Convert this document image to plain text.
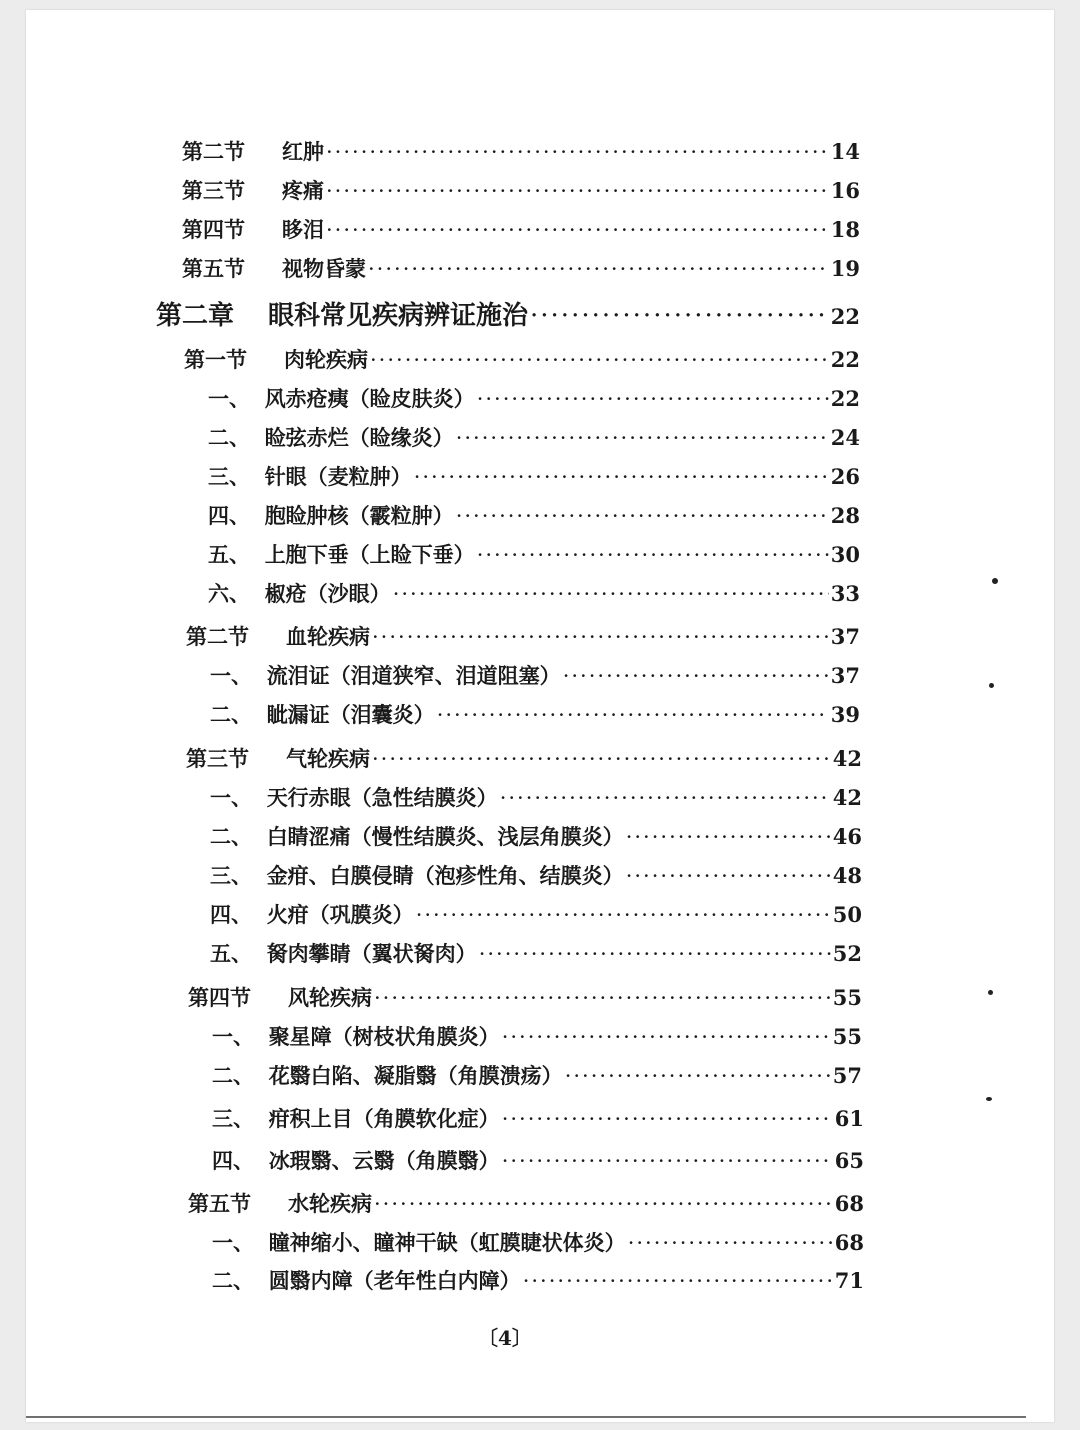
第二节	红肿 ·····	14
第三节	疼痛 ·····	16
第四节	眵泪 ·····	18
第五节	视物昏蒙 ·····	19
第二章	眼科常见疾病辨证施治 ·····	22
第一节	肉轮疾病 ·····	22
一、 风赤疮痍（睑皮肤炎） ·····	22
二、 睑弦赤烂（睑缘炎） ·····	24
三、 针眼（麦粒肿） ·····	26
四、 胞睑肿核（霰粒肿） ·····	28
五、 上胞下垂（上睑下垂） ·····	30
六、 椒疮（沙眼） ·····	33
第二节	血轮疾病 ·····	37
一、 流泪证（泪道狭窄、泪道阻塞） ·····	37
二、 眦漏证（泪囊炎） ·····	39
第三节	气轮疾病 ·····	42
一、 天行赤眼（急性结膜炎） ·····	42
二、 白睛涩痛（慢性结膜炎、浅层角膜炎） ·····	46
三、 金疳、白膜侵睛（泡疹性角、结膜炎） ·····	48
四、 火疳（巩膜炎） ·····	50
五、 胬肉攀睛（翼状胬肉） ·····	52
第四节	风轮疾病 ·····	55
一、 聚星障（树枝状角膜炎） ·····	55
二、 花翳白陷、凝脂翳（角膜溃疡） ·····	57
三、 疳积上目（角膜软化症） ·····	61
四、 冰瑕翳、云翳（角膜翳） ·····	65
第五节	水轮疾病 ·····	68
一、 瞳神缩小、瞳神干缺（虹膜睫状体炎） ·····	68
二、 圆翳内障（老年性白内障） ·····	71
〔4〕
